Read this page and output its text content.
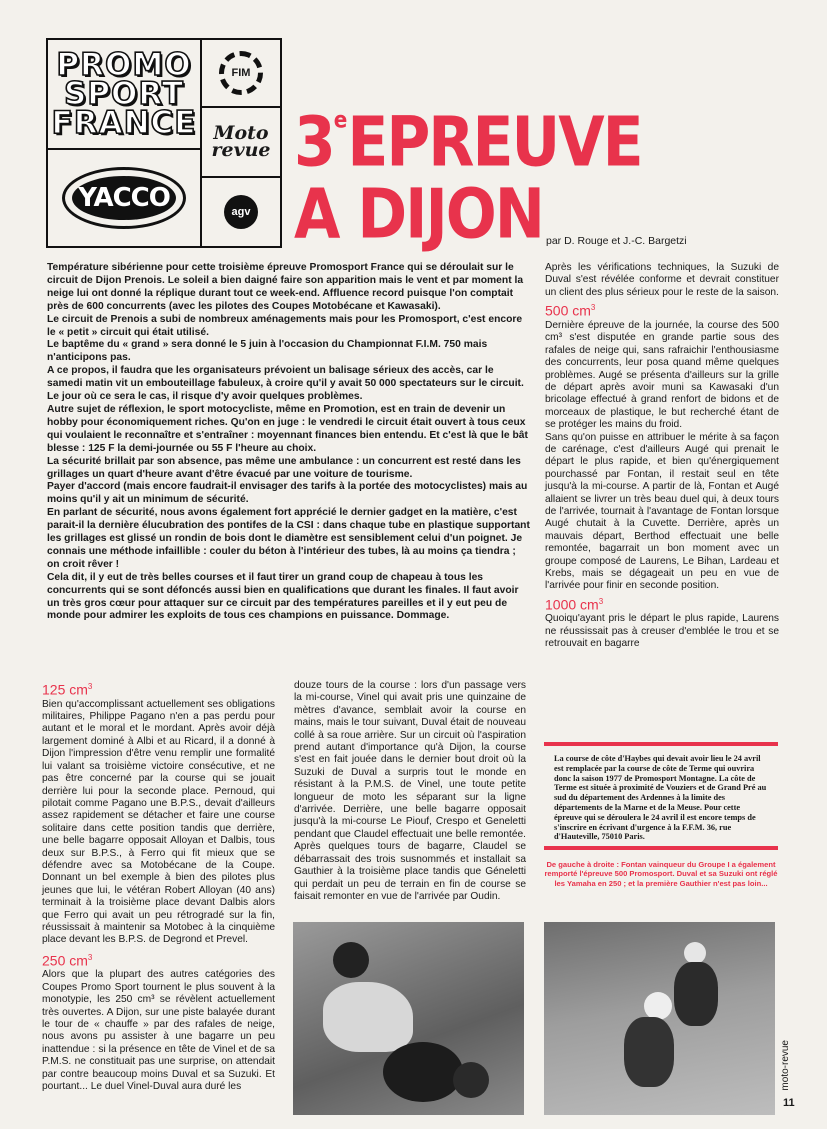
PROMO
SPORT
FRANCE
YACCO
FIM
Moto
revue
agv
3eEPREUVE
A DIJON par D. Rouge et J.-C. Bargetzi

Température sibérienne pour cette troisième épreuve Promosport France qui se déroulait sur le circuit de Dijon Prenois. Le soleil a bien daigné faire son apparition mais le vent et par moment la neige lui ont donné la réplique durant tout ce week-end. Affluence record puisque l'on comptait près de 600 concurrents (avec les pilotes des Coupes Motobécane et Kawasaki).

Le circuit de Prenois a subi de nombreux aménagements mais pour les Promosport, c'est encore le « petit » circuit qui était utilisé.

Le baptême du « grand » sera donné le 5 juin à l'occasion du Championnat F.I.M. 750 mais n'anticipons pas.

A ce propos, il faudra que les organisateurs prévoient un balisage sérieux des accès, car le samedi matin vit un embouteillage fabuleux, à croire qu'il y avait 50 000 spectateurs sur le circuit. Le jour où ce sera le cas, il risque d'y avoir quelques problèmes.

Autre sujet de réflexion, le sport motocycliste, même en Promotion, est en train de devenir un hobby pour économiquement riches. Qu'on en juge : le vendredi le circuit était ouvert à tous ceux qui voulaient le reconnaître et s'entraîner : moyennant finances bien entendu. Et c'est là que le bât blesse : 125 F la demi-journée ou 55 F l'heure au choix.

La sécurité brillait par son absence, pas même une ambulance : un concurrent est resté dans les grillages un quart d'heure avant d'être évacué par une voiture de tourisme.

Payer d'accord (mais encore faudrait-il envisager des tarifs à la portée des motocyclistes) mais au moins qu'il y ait un minimum de sécurité.

En parlant de sécurité, nous avons également fort apprécié le dernier gadget en la matière, c'est parait-il la dernière élucubration des pontifes de la CSI : dans chaque tube en plastique supportant les grillages est glissé un rondin de bois dont le diamètre est sensiblement celui d'un poignet. Je connais une méthode infaillible : couler du béton à l'intérieur des tubes, là au moins ça tiendra ; on croit rêver !

Cela dit, il y eut de très belles courses et il faut tirer un grand coup de chapeau à tous les concurrents qui se sont défoncés aussi bien en qualifications que durant les finales. Il faut avoir un très gros cœur pour attaquer sur ce circuit par des températures pareilles et il y eut peu de monde pour admirer les exploits de tous ces champions en puissance. Dommage.

Après les vérifications techniques, la Suzuki de Duval s'est révélée conforme et devrait constituer un client des plus sérieux pour le reste de la saison.

500 $cm^3$

Dernière épreuve de la journée, la course des 500 cm³ s'est disputée en grande partie sous des rafales de neige qui, sans rafraichir l'enthousiasme des concurrents, leur posa quand même quelques problèmes. Augé se présenta d'ailleurs sur la grille de départ après avoir muni sa Kawasaki d'un bricolage effectué à grand renfort de bidons et de morceaux de plastique, le but recherché étant de se protéger les mains du froid.

Sans qu'on puisse en attribuer le mérite à sa façon de carénage, c'est d'ailleurs Augé qui prenait le départ le plus rapide, et bien qu'énergiquement pourchassé par Fontan, il restait seul en tête jusqu'à la mi-course. A partir de là, Fontan et Augé allaient se livrer un très beau duel qui, à deux tours de l'arrivée, tournait à l'avantage de Fontan lorsque Augé chutait à la Cuvette. Derrière, après un mauvais départ, Berthod effectuait une belle remontée, bagarrait un bon moment avec un groupe composé de Laurens, Le Bihan, Lardeau et Krebs, mais se dégageait un peu en vue de l'arrivée pour finir en seconde position.

1000 $cm^3$

Quoiqu'ayant pris le départ le plus rapide, Laurens ne réussissait pas à creuser d'emblée le trou et se retrouvait en bagarre

125 $cm^3$

Bien qu'accomplissant actuellement ses obligations militaires, Philippe Pagano n'en a pas perdu pour autant et le moral et le mordant. Après avoir déjà largement dominé à Albi et au Ricard, il a donné à Dijon l'impression d'être venu remplir une formalité lui valant sa troisième victoire consécutive, et ne pas être concerné par la course qui se jouait derrière lui pour la seconde place. Pernoud, qui pilotait comme Pagano une B.P.S., devait d'ailleurs assez rapidement se détacher et faire une course solitaire dans cette position tandis que derrière, une belle bagarre opposait Alloyan et Dalbis, tous deux sur B.P.S., à Ferro qui fit mieux que se défendre avec sa Motobécane de la Coupe. Donnant un bel exemple à bien des pilotes plus jeunes que lui, le vétéran Robert Alloyan (40 ans) terminait à la troisième place devant Dalbis alors que Ferro qui avait un peu rétrogradé sur la fin, réussissait à maintenir sa Motobec à la cinquième place devant les B.P.S. de Degrond et Prevel.

250 $cm^3$

Alors que la plupart des autres catégories des Coupes Promo Sport tournent le plus souvent à la monotypie, les 250 cm³ se révèlent actuellement très ouvertes. A Dijon, sur une piste balayée durant le tour de « chauffe » par des rafales de neige, nous avons pu assister à une bagarre un peu inattendue : si la présence en tête de Vinel et de sa P.M.S. ne constituait pas une surprise, on attendait par contre beaucoup moins Duval et sa Suzuki. Et pourtant... Le duel Vinel-Duval aura duré les

douze tours de la course : lors d'un passage vers la mi-course, Vinel qui avait pris une quinzaine de mètres d'avance, semblait avoir la course en mains, mais le tour suivant, Duval était de nouveau collé à sa roue arrière. Sur un circuit où l'aspiration prend autant d'importance qu'à Dijon, la course s'est en fait jouée dans le dernier bout droit où la Suzuki de Duval a surpris tout le monde en résistant à la P.M.S. de Vinel, une toute petite longueur de moto les séparant sur la ligne d'arrivée. Derrière, une belle bagarre opposait jusqu'à la mi-course Le Piouf, Crespo et Geneletti pendant que Claudel effectuait une belle remontée. Après quelques tours de bagarre, Claudel se débarrassait des trois susnommés et installait sa Gauthier à la troisième place tandis que Géneletti qui perdait un peu de terrain en fin de course se faisait remonter en vue de l'arrivée par Oudin.

La course de côte d'Haybes qui devait avoir lieu le 24 avril est remplacée par la course de côte de Terme qui ouvrira donc la saison 1977 de Promosport Montagne. La côte de Terme est située à proximité de Vouziers et de Grand Pré au sud du département des Ardennes à la limite des départements de la Marne et de la Meuse. Pour cette épreuve qui se déroulera le 24 avril il est encore temps de s'inscrire en écrivant d'urgence à la F.F.M. 36, rue d'Hauteville, 75010 Paris.
De gauche à droite : Fontan vainqueur du Groupe I a également remporté l'épreuve 500 Promosport. Duval et sa Suzuki ont réglé les Yamaha en 250 ; et la première Gauthier n'est pas loin...
moto-revue
11
